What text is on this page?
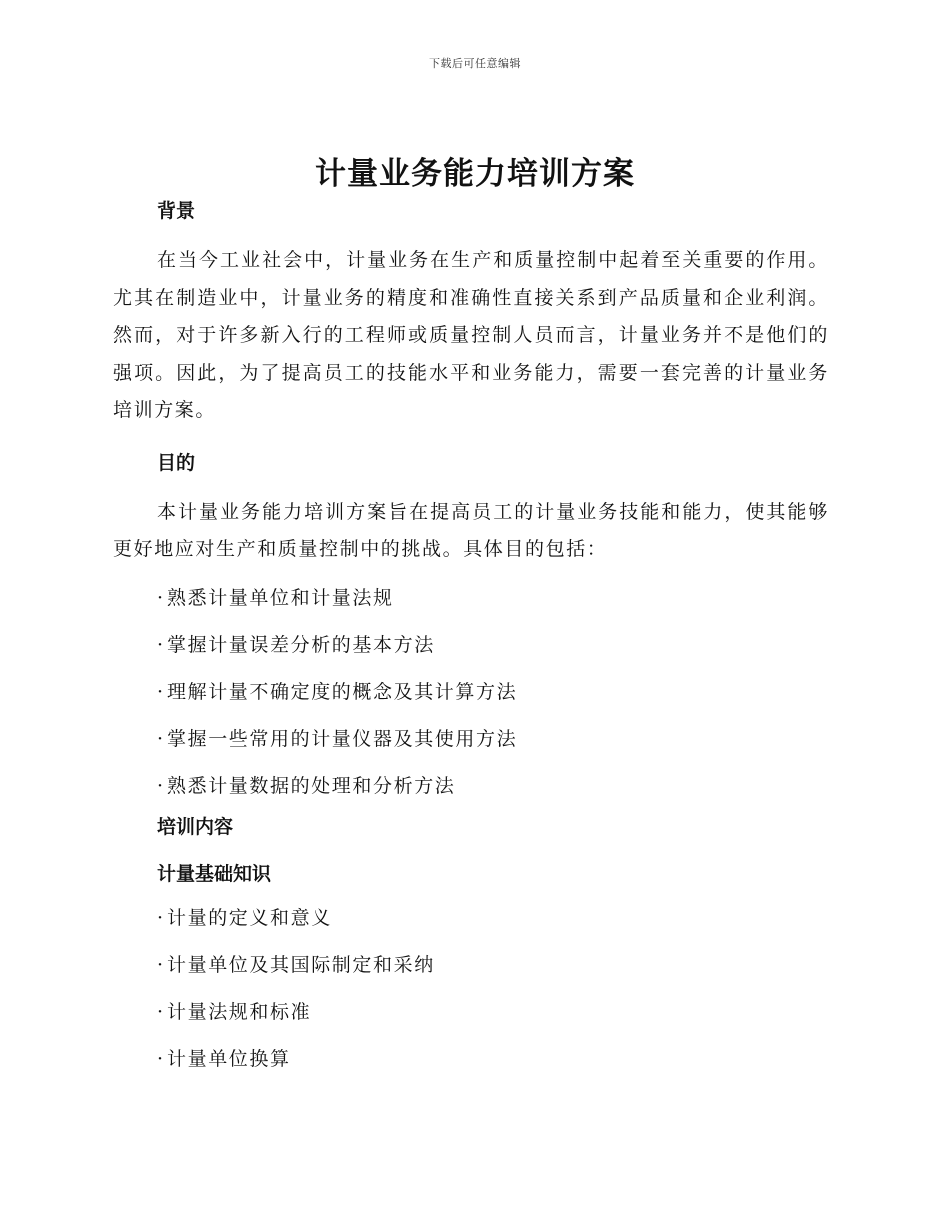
下载后可任意编辑
计量业务能力培训方案
背景

在当今工业社会中，计量业务在生产和质量控制中起着至关重要的作用。尤其在制造业中，计量业务的精度和准确性直接关系到产品质量和企业利润。然而，对于许多新入行的工程师或质量控制人员而言，计量业务并不是他们的强项。因此，为了提高员工的技能水平和业务能力，需要一套完善的计量业务培训方案。

目的

本计量业务能力培训方案旨在提高员工的计量业务技能和能力，使其能够更好地应对生产和质量控制中的挑战。具体目的包括：

· 熟悉计量单位和计量法规
· 掌握计量误差分析的基本方法
· 理解计量不确定度的概念及其计算方法
· 掌握一些常用的计量仪器及其使用方法
· 熟悉计量数据的处理和分析方法
培训内容
计量基础知识
· 计量的定义和意义
· 计量单位及其国际制定和采纳
· 计量法规和标准
· 计量单位换算
